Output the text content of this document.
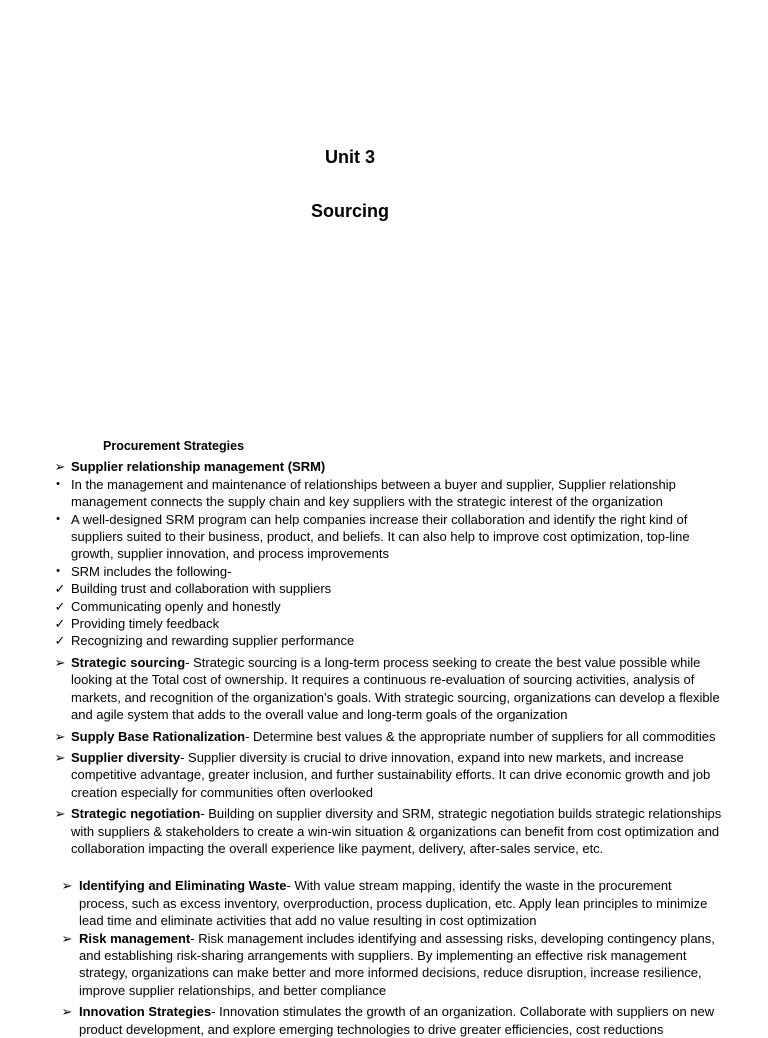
Unit 3
Sourcing
Procurement Strategies
➢ Supplier relationship management (SRM)
• In the management and maintenance of relationships between a buyer and supplier, Supplier relationship management connects the supply chain and key suppliers with the strategic interest of the organization
• A well-designed SRM program can help companies increase their collaboration and identify the right kind of suppliers suited to their business, product, and beliefs. It can also help to improve cost optimization, top-line growth, supplier innovation, and process improvements
• SRM includes the following-
✓ Building trust and collaboration with suppliers
✓ Communicating openly and honestly
✓ Providing timely feedback
✓ Recognizing and rewarding supplier performance
➢ Strategic sourcing- Strategic sourcing is a long-term process seeking to create the best value possible while looking at the Total cost of ownership. It requires a continuous re-evaluation of sourcing activities, analysis of markets, and recognition of the organization’s goals. With strategic sourcing, organizations can develop a flexible and agile system that adds to the overall value and long-term goals of the organization
➢ Supply Base Rationalization- Determine best values & the appropriate number of suppliers for all commodities
➢ Supplier diversity- Supplier diversity is crucial to drive innovation, expand into new markets, and increase competitive advantage, greater inclusion, and further sustainability efforts. It can drive economic growth and job creation especially for communities often overlooked
➢ Strategic negotiation- Building on supplier diversity and SRM, strategic negotiation builds strategic relationships with suppliers & stakeholders to create a win-win situation & organizations can benefit from cost optimization and collaboration impacting the overall experience like payment, delivery, after-sales service, etc.
➢ Identifying and Eliminating Waste- With value stream mapping, identify the waste in the procurement process, such as excess inventory, overproduction, process duplication, etc. Apply lean principles to minimize lead time and eliminate activities that add no value resulting in cost optimization
➢ Risk management- Risk management includes identifying and assessing risks, developing contingency plans, and establishing risk-sharing arrangements with suppliers. By implementing an effective risk management strategy, organizations can make better and more informed decisions, reduce disruption, increase resilience, improve supplier relationships, and better compliance
➢ Innovation Strategies- Innovation stimulates the growth of an organization. Collaborate with suppliers on new product development, and explore emerging technologies to drive greater efficiencies, cost reductions
